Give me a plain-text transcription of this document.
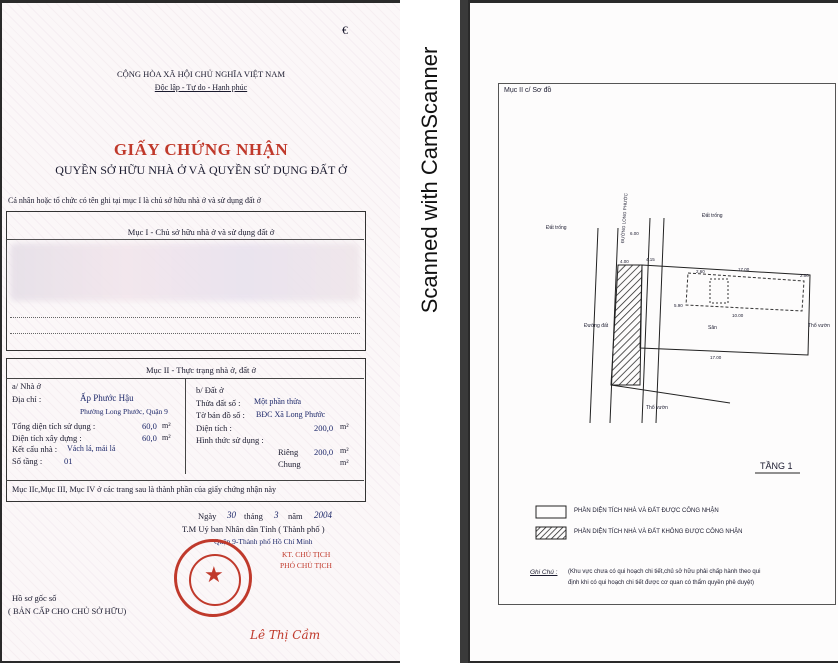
€
CỘNG HÒA XÃ HỘI CHỦ NGHĨA VIỆT NAM
Độc lập - Tự do - Hạnh phúc
GIẤY CHỨNG NHẬN
QUYỀN SỞ HỮU NHÀ Ở VÀ QUYỀN SỬ DỤNG ĐẤT Ở
Cá nhân hoặc tổ chức có tên ghi tại mục I là chủ sở hữu nhà ở và sử dụng đất ở
Mục I - Chủ sở hữu nhà ở và sử dụng đất ở
Mục II - Thực trạng nhà ở, đất ở
a/ Nhà ở
Địa chỉ :	Ấp Phước Hậu
Phường Long Phước, Quận 9
Tổng diện tích sử dụng :	60,0 m²
Diện tích xây dựng :	60,0 m²
Kết cấu nhà : Vách lá, mái lá
Số tầng :	01
b/ Đất ở
Thửa đất số : Một phần thửa
Tờ bản đồ số : BĐC Xã Long Phước
Diện tích :	200,0 m²
Hình thức sử dụng :
Riêng 200,0 m²
Chung	m²
Mục IIc,Mục III, Mục IV ở các trang sau là thành phần của giấy chứng nhận này
Ngày 30 tháng 3 năm 2004
T.M Uỷ ban Nhân dân Tỉnh ( Thành phố )
Quận 9-Thành phố Hồ Chí Minh
KT. CHỦ TỊCH
PHÓ CHỦ TỊCH
★
Hồ sơ gốc số
( BẢN CẤP CHO CHỦ SỞ HỮU)
Lê Thị Cầm
Scanned with CamScanner	Mục II c/ Sơ đồ
Đất trống
Đất trống
ĐƯỜNG LONG PHƯỚC
Đường đất	Sân	Thổ vườn
Thổ vườn
TẦNG 1
4.00	4.15
17.00
2.60
10.00
6.00
17.00
2.00
5.90
PHẦN DIỆN TÍCH NHÀ VÀ ĐẤT ĐƯỢC CÔNG NHẬN
PHẦN DIỆN TÍCH NHÀ VÀ ĐẤT KHÔNG ĐƯỢC CÔNG NHẬN
Ghi Chú : (Khu vực chưa có qui hoạch chi tiết,chủ sở hữu phải chấp hành theo qui
định khi có qui hoạch chi tiết được cơ quan có thẩm quyền phê duyệt)
